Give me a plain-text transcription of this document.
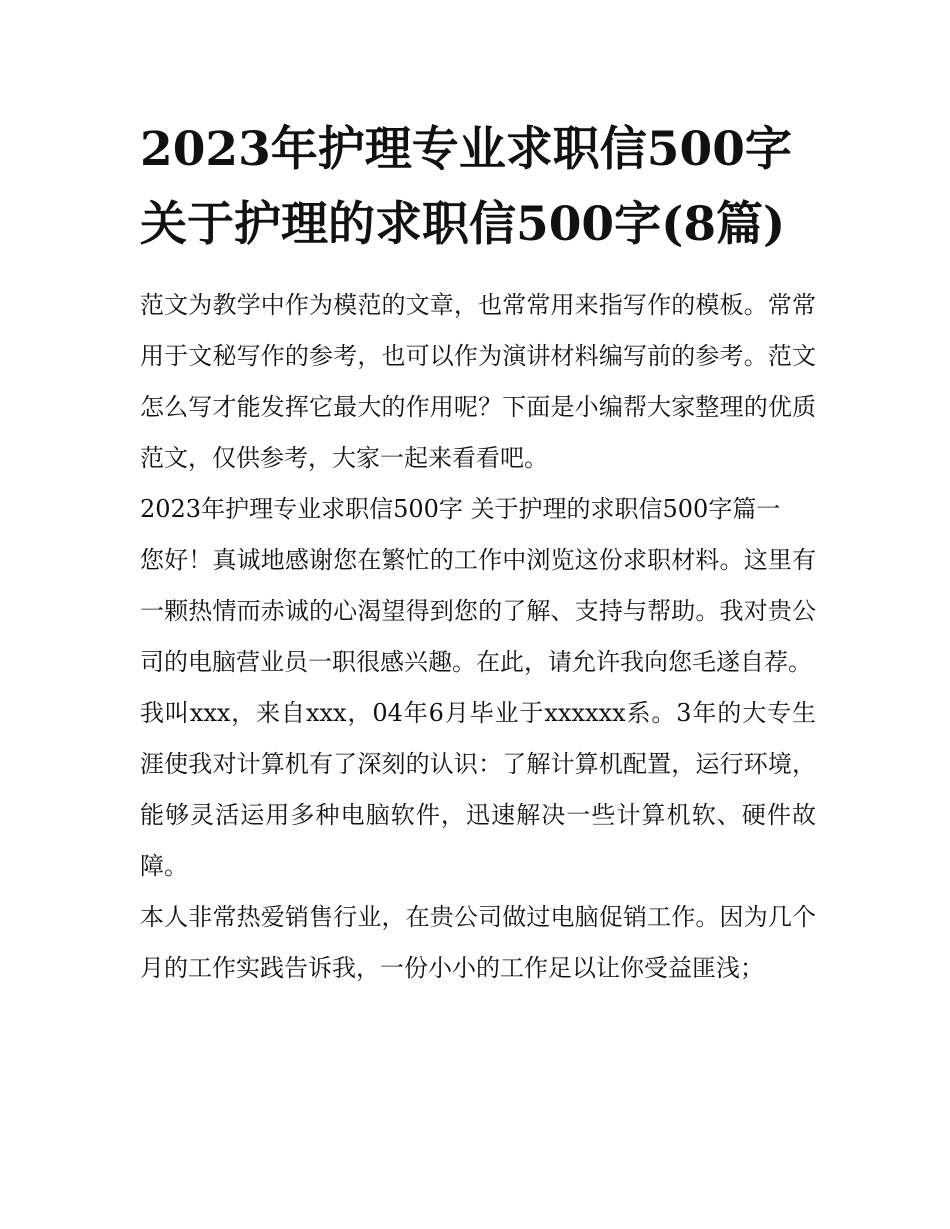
2023年护理专业求职信500字 关于护理的求职信500字(8篇)

范文为教学中作为模范的文章，也常常用来指写作的模板。常常用于文秘写作的参考，也可以作为演讲材料编写前的参考。范文怎么写才能发挥它最大的作用呢？下面是小编帮大家整理的优质范文，仅供参考，大家一起来看看吧。

2023年护理专业求职信500字 关于护理的求职信500字篇一

您好！真诚地感谢您在繁忙的工作中浏览这份求职材料。这里有一颗热情而赤诚的心渴望得到您的了解、支持与帮助。我对贵公司的电脑营业员一职很感兴趣。在此，请允许我向您毛遂自荐。

我叫xxx，来自xxx，04年6月毕业于xxxxxx系。3年的大专生涯使我对计算机有了深刻的认识：了解计算机配置，运行环境，能够灵活运用多种电脑软件，迅速解决一些计算机软、硬件故障。

本人非常热爱销售行业，在贵公司做过电脑促销工作。因为几个月的工作实践告诉我，一份小小的工作足以让你受益匪浅；
